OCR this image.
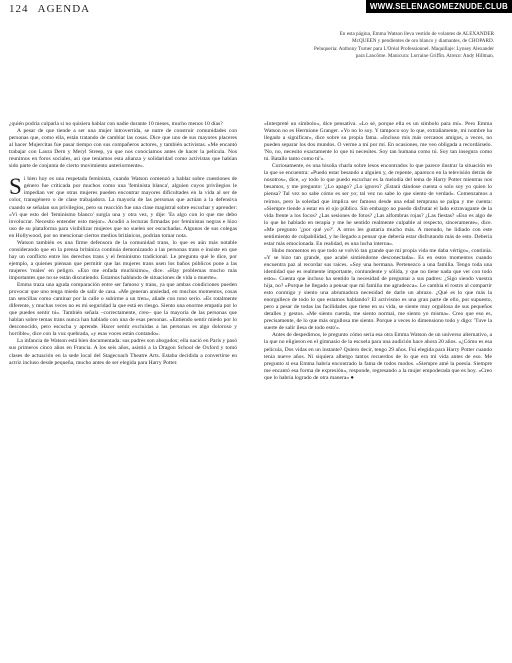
124 AGENDA	WWW.SELENAGOMEZNUDE.CLUB

En esta página, Emma Watson lleva vestido de volantes de ALEXANDER McQUEEN y pendientes de oro blanco y diamantes, de CHOPARD.

Peluquería: Anthony Turner para L'Oréal Professionnel. Maquillaje: Lynsey Alexander para Lancôme. Manicura: Lorraine Griffin. Atrezo: Andy Hillman.

¿quién podría culparla si no quisiera hablar con nadie durante 10 meses, mucho menos 10 días?

A pesar de que tiende a ser una mujer introvertida, se nutre de construir comunidades con personas que, como ella, están tratando de cambiar las cosas. Dice que uno de sus mayores placeres al hacer Mujercitas fue pasar tiempo con sus compañeros actores, y también activistas. «Me encantó trabajar con Laura Dern y Meryl Streep, ya que nos conocíamos antes de hacer la película. Nos reunimos en foros sociales, así que teníamos esta alianza y solidaridad como activistas que habían sido parte de conjunta de cierto movimiento anteriormente».

Si bien hoy es una respetada feminista, cuando Watson comenzó a hablar sobre cuestiones de género fue criticada por muchos como una 'feminista blanca', alguien cuyos privilegios le impedían ver que otras mujeres pueden encontrar mayores dificultades en la vida al ser de color, transgénero o de clase trabajadora. La mayoría de las personas que actúan a la defensiva cuando se señalan sus privilegios, pero su reacción fue una clase magistral sobre escuchar y aprender: «Vi que esto del 'feminismo blanco' surgía una y otra vez, y dije: 'Es algo con lo que me debo involucrar. Necesito entender esto mejor». Acudió a lecturas firmadas por feministas negras e hizo uso de su plataforma para visibilizar mujeres que no suelen ser escuchadas. Algunos de sus colegas en Hollywood, por no mencionar ciertos medios británicos, podrían tomar nota.

Watson también es una firme defensora de la comunidad trans, lo que es aún más notable considerando que en la prensa británica continúa demonizando a las personas trans e insiste en que hay un conflicto entre los derechos trans y el feminismo tradicional. Le pregunto qué le dice, por ejemplo, a quienes piensan que permitir que las mujeres trans usen los baños públicos pone a las mujeres 'reales' en peligro. «Eso me enfada muchísimo», dice. «Hay problemas mucho más importantes que no se están discutiendo. Estamos hablando de situaciones de vida o muerte».

Emma traza una aguda comparación entre ser famoso y trans, ya que ambas condiciones pueden provocar que uno tenga miedo de salir de casa. «Me generan ansiedad, en muchos momentos, cosas tan sencillas como caminar por la calle o subirme a un tren», añade con tono serio. «Es totalmente diferente, y muchas veces no es mi seguridad la que está en riesgo. Siento una enorme empatía por lo que puedes sentir tú». También señala –correctamente, creo– que la mayoría de las personas que hablan sobre temas trans nunca han hablado con una de esas personas. «Entiendo sentir miedo por lo desconocido, pero escucha y aprende. Hacer sentir excluidas a las personas es algo doloroso y horrible», dice con la voz quebrada, «y esas voces están contando».

La infancia de Watson está bien documentada: sus padres son abogados; ella nació en París y pasó sus primeros cinco años en Francia. A los seis años, asistió a la Dragon School de Oxford y tomó clases de actuación en la sede local del Stagecoach Theatre Arts. Estaba decidida a convertirse en actriz incluso desde pequeña, mucho antes de ser elegida para Harry Potter.

«Interpreté un símbolo», dice pensativa. «Lo sé, porque ella es un símbolo para mí». Pero Emma Watson no es Hermione Granger. «Yo no lo soy. Y tampoco soy lo que, extrañamente, mi nombre ha llegado a significar», dice sobre su propia fama. «Incluso mis más cercanos amigos, a veces, no pueden separar los dos mundos. O verme a mí por mí. En ocasiones, me veo obligada a recordárselo. 'No, no, necesito exactamente lo que tú necesites. Soy tan humana como tú. Soy tan insegura como tú. Batallo tanto como tú'».

Curiosamente, es una bisoña charla sobre lesos encontrados lo que parece ilustrar la situación en la que se encuentra: «Puedo estar besando a alguien y, de repente, aparezco en la televisión detrás de nosotros», dice, «y todo lo que puedo escuchar es la melodía del tema de Harry Potter mientras nos besamos, y me pregunto: '¿Lo apago? ¿Lo ignoro? ¿Estará dándose cuenta o solo soy yo quien lo piensa? Tal vez no sabe cómo es ser yo; tal vez no sabe lo que siento de verdad». Comenzamos a reírnos, pero la soledad que implica ser famoso desde una edad temprana se palpa y me cuenta: «Siempre tiende a estar en el ojo público. Sin embargo no puedo disfrutar el lado extravagante de la vida frente a los focos? ¿Las sesiones de fotos? ¿Las alfombras rojas? ¿Las fiestas? «Eso es algo de lo que he hablado en terapia y me he sentido realmente culpable al respecto, sinceramente», dice. «Me pregunto '¿por qué yo?'. A otros les gustaría mucho más. A menudo, he lidiado con este sentimiento de culpabilidad, y he llegado a pensar que debería estar disfrutando más de esto. Debería estar más emocionada. En realidad, es una lucha interna».

Hubo momentos en que todo se volvió tan grande que mi propia vida me daba vértigo», continúa. «Y se hizo tan grande, que acabé sintiéndome desconectada». Es en estos momentos cuando encuentra paz al recordar sus raíces. «Soy una hermana. Pertenezco a una familia. Tengo toda una identidad que es realmente importante, contundente y sólida, y que no tiene nada que ver con todo esto». Cuenta que incluso ha sentido la necesidad de preguntar a sus padres: ¿Sigo siendo vuestra hija, no? «Porque he llegado a pensar que mi familia me agradezca». Le cambia el rostro al compartir esto conmigo y siento una abrumadora necesidad de darle un abrazo. ¿Qué es lo que más la enorgullece de todo lo que estamos hablando? El activismo es una gran parte de ello, por supuesto, pero a pesar de todas las facilidades que tiene en su vida, se siente muy orgullosa de sus pequeños detalles y gestos. «Me siento cuerda, me siento normal, me siento yo misma». Creo que eso es, precisamente, de lo que más orgullosa me siento. Porque a veces lo dimensiono todo y digo: 'Tuve la suerte de salir ilesa de todo esto'».

Antes de despedirnos, le pregunto cómo sería esa otra Emma Watson de un universo alternativo, a la que no eligieron en el gimnasio de la escuela para una audición hace ahora 20 años. «¿Cómo es esa película, Dos vidas en un instante? Quiero decir, tengo 29 años. Fui elegida para Harry Potter cuando tenía nueve años. Ni siquiera albergo tantos recuerdos de lo que era mi vida antes de eso. Me pregunto si esa Emma habría encontrado la fama de todos modos. «Siempre amé la poesía. Siempre me encantó esa forma de expresión», responde, regresando a la mujer empoderada que es hoy. «Creo que lo habría logrado de otra manera» ●
